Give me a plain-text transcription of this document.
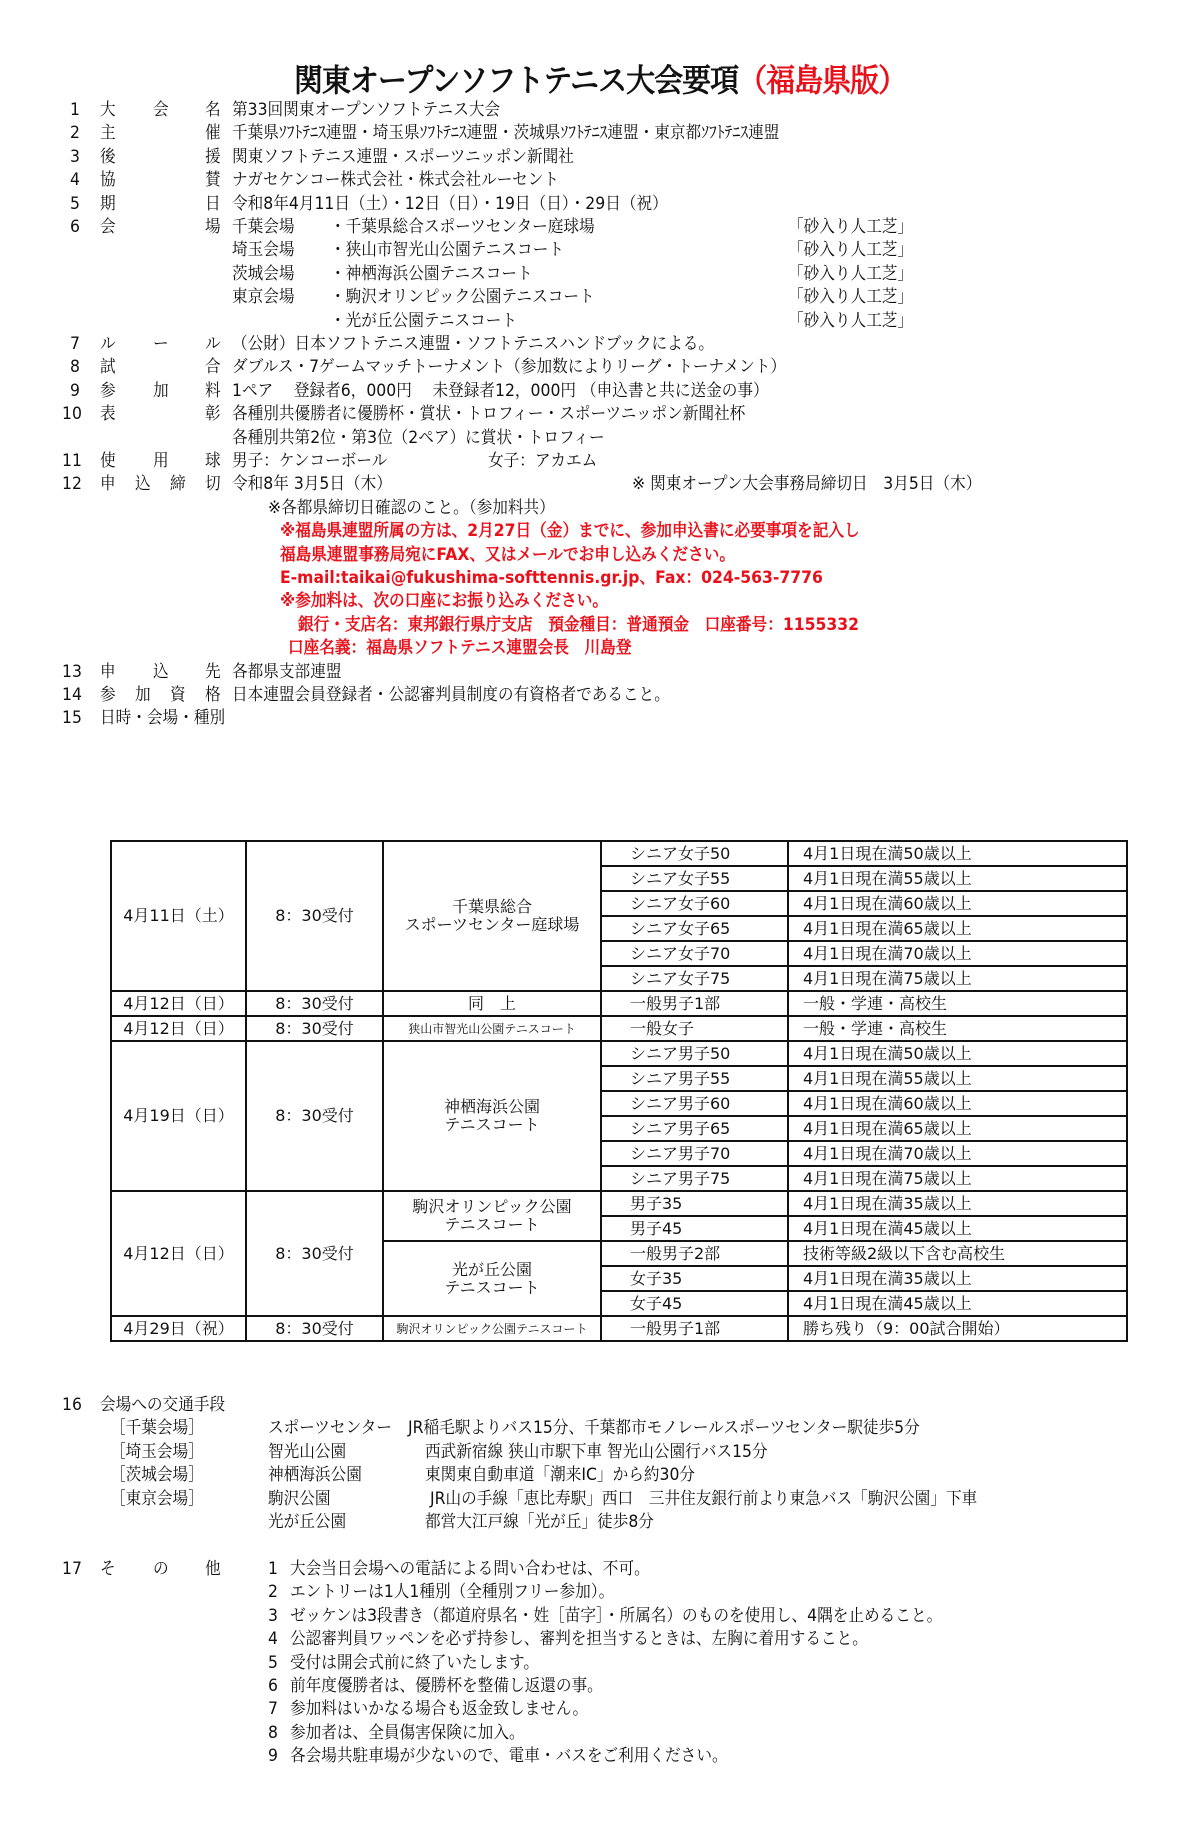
関東オープンソフトテニス大会要項（福島県版）
1 大 会 名 第33回関東オープンソフトテニス大会
2 主	催 千葉県ｿﾌﾄﾃﾆｽ連盟・埼玉県ｿﾌﾄﾃﾆｽ連盟・茨城県ｿﾌﾄﾃﾆｽ連盟・東京都ｿﾌﾄﾃﾆｽ連盟
3 後	援 関東ソフトテニス連盟・スポーツニッポン新聞社
4 協	賛 ナガセケンコー株式会社・株式会社ルーセント
5 期	日 令和8年4月11日（土）・12日（日）・19日（日）・29日（祝）
6 会	場 千葉会場 ・千葉県総合スポーツセンター庭球場	「砂入り人工芝」
埼玉会場 ・狭山市智光山公園テニスコート	「砂入り人工芝」
茨城会場 ・神栖海浜公園テニスコート	「砂入り人工芝」
東京会場 ・駒沢オリンピック公園テニスコート	「砂入り人工芝」
・光が丘公園テニスコート	「砂入り人工芝」
7 ル ー ル （公財）日本ソフトテニス連盟・ソフトテニスハンドブックによる。
8 試	合 ダブルス・7ゲームマッチトーナメント（参加数によりリーグ・トーナメント）
9 参 加 料 1ペア　 登録者6，000円　 未登録者12，000円 （申込書と共に送金の事）
10 表	彰 各種別共優勝者に優勝杯・賞状・トロフィー・スポーツニッポン新聞社杯
各種別共第2位・第3位（2ペア）に賞状・トロフィー
11 使 用 球 男子：ケンコーボール	女子：アカエム
12 申 込 締 切 令和8年 3月5日（木）	※ 関東オープン大会事務局締切日　3月5日（木）
※各都県締切日確認のこと。（参加料共）
※福島県連盟所属の方は、2月27日（金）までに、参加申込書に必要事項を記入し
福島県連盟事務局宛にFAX、又はメールでお申し込みください。
E-mail:taikai@fukushima-softtennis.gr.jp、Fax：024-563-7776
※参加料は、次の口座にお振り込みください。
銀行・支店名：東邦銀行県庁支店　預金種目：普通預金　口座番号：1155332
口座名義：福島県ソフトテニス連盟会長　川島登
13 申 込 先 各都県支部連盟
14 参 加 資 格 日本連盟会員登録者・公認審判員制度の有資格者であること。
15 日時・会場・種別
16 会場への交通手段
［千葉会場］	スポーツセンター JR稲毛駅よりバス15分、千葉都市モノレールスポーツセンター駅徒歩5分
［埼玉会場］	智光山公園	西武新宿線 狭山市駅下車 智光山公園行バス15分
［茨城会場］	神栖海浜公園	東関東自動車道「潮来IC」から約30分
［東京会場］	駒沢公園	JR山の手線「恵比寿駅」西口　三井住友銀行前より東急バス「駒沢公園」下車
光が丘公園	都営大江戸線「光が丘」徒歩8分
17 そ の 他	1 大会当日会場への電話による問い合わせは、不可。
2 エントリーは1人1種別（全種別フリー参加）。
3 ゼッケンは3段書き（都道府県名・姓［苗字］・所属名）のものを使用し、4隅を止めること。
4 公認審判員ワッペンを必ず持参し、審判を担当するときは、左胸に着用すること。
5 受付は開会式前に終了いたします。
6 前年度優勝者は、優勝杯を整備し返還の事。
7 参加料はいかなる場合も返金致しません。
8 参加者は、全員傷害保険に加入。
9 各会場共駐車場が少ないので、電車・バスをご利用ください。
4月11日（土）	8：30受付	千葉県総合
スポーツセンター庭球場	シニア女子50	4月1日現在満50歳以上
			シニア女子55	4月1日現在満55歳以上
			シニア女子60	4月1日現在満60歳以上
			シニア女子65	4月1日現在満65歳以上
			シニア女子70	4月1日現在満70歳以上
			シニア女子75	4月1日現在満75歳以上
4月12日（日）	8：30受付	同　上	一般男子1部	一般・学連・高校生
4月12日（日）	8：30受付	狭山市智光山公園テニスコート	一般女子	一般・学連・高校生
4月19日（日）	8：30受付	神栖海浜公園
テニスコート	シニア男子50	4月1日現在満50歳以上
			シニア男子55	4月1日現在満55歳以上
			シニア男子60	4月1日現在満60歳以上
			シニア男子65	4月1日現在満65歳以上
			シニア男子70	4月1日現在満70歳以上
			シニア男子75	4月1日現在満75歳以上
4月12日（日）	8：30受付	駒沢オリンピック公園
テニスコート	男子35	4月1日現在満35歳以上
			男子45	4月1日現在満45歳以上
		光が丘公園
テニスコート	一般男子2部	技術等級2級以下含む高校生
			女子35	4月1日現在満35歳以上
			女子45	4月1日現在満45歳以上
4月29日（祝）	8：30受付	駒沢オリンピック公園テニスコート	一般男子1部	勝ち残り（9：00試合開始）
